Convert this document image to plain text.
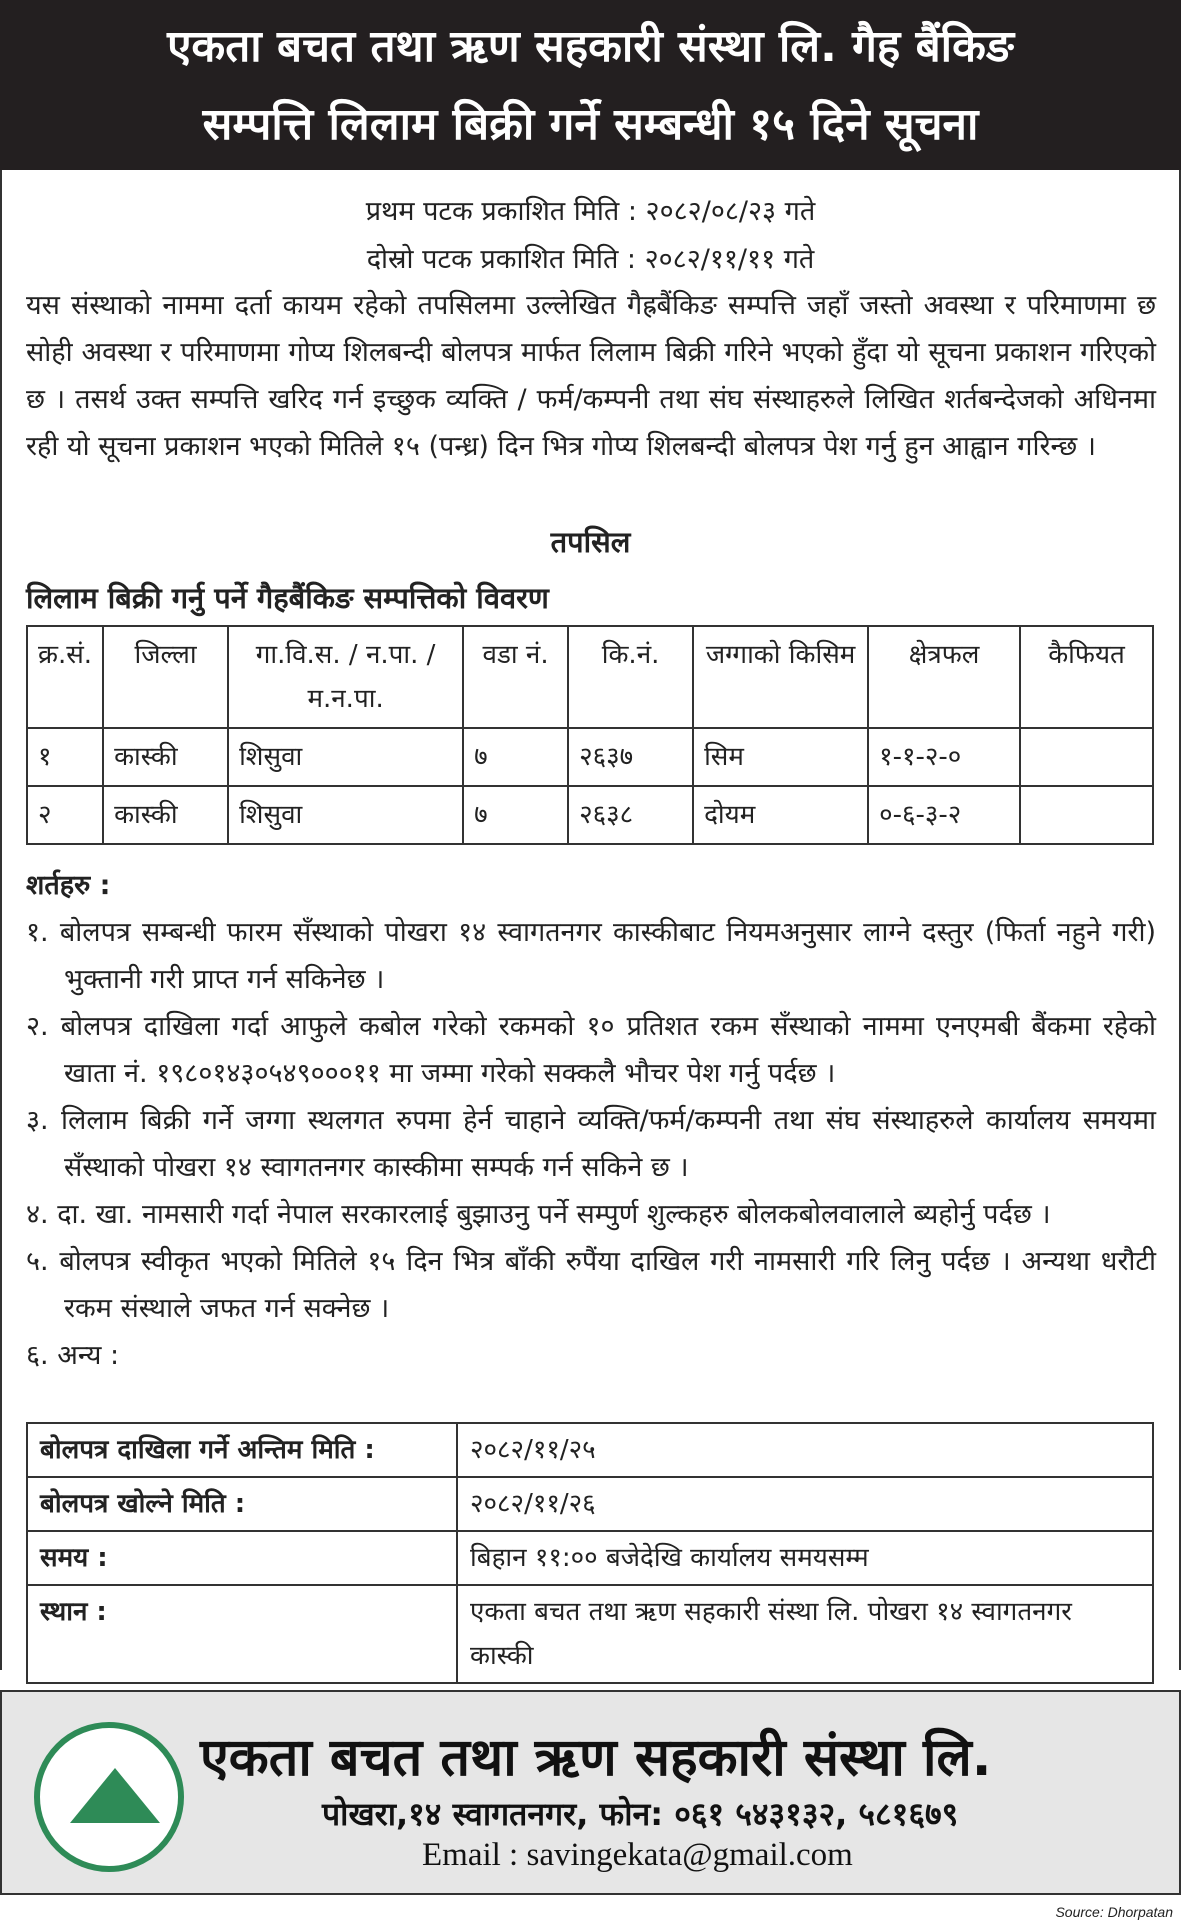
एकता बचत तथा ऋण सहकारी संस्था लि. गैह बैंकिङ
सम्पत्ति लिलाम बिक्री गर्ने सम्बन्धी १५ दिने सूचना
प्रथम पटक प्रकाशित मिति : २०८२/०८/२३ गते
दोस्रो पटक प्रकाशित मिति : २०८२/११/११ गते
यस संस्थाको नाममा दर्ता कायम रहेको तपसिलमा उल्लेखित गैह्रबैंकिङ सम्पत्ति जहाँ जस्तो अवस्था र परिमाणमा छ सोही अवस्था र परिमाणमा गोप्य शिलबन्दी बोलपत्र मार्फत लिलाम बिक्री गरिने भएको हुँदा यो सूचना प्रकाशन गरिएको छ । तसर्थ उक्त सम्पत्ति खरिद गर्न इच्छुक व्यक्ति / फर्म/कम्पनी तथा संघ संस्थाहरुले लिखित शर्तबन्देजको अधिनमा रही यो सूचना प्रकाशन भएको मितिले १५ (पन्ध्र) दिन भित्र गोप्य शिलबन्दी बोलपत्र पेश गर्नु हुन आह्वान गरिन्छ ।
तपसिल
लिलाम बिक्री गर्नु पर्ने गैहबैंकिङ सम्पत्तिको विवरण
क्र.सं.	जिल्ला	गा.वि.स. / न.पा. / म.न.पा.	वडा नं.	कि.नं.	जग्गाको किसिम	क्षेत्रफल	कैफियत
१	कास्की	शिसुवा	७	२६३७	सिम	१-१-२-०	
२	कास्की	शिसुवा	७	२६३८	दोयम	०-६-३-२	
शर्तहरु :
१. बोलपत्र सम्बन्धी फारम सँस्थाको पोखरा १४ स्वागतनगर कास्कीबाट नियमअनुसार लाग्ने दस्तुर (फिर्ता नहुने गरी) भुक्तानी गरी प्राप्त गर्न सकिनेछ ।
२. बोलपत्र दाखिला गर्दा आफुले कबोल गरेको रकमको १० प्रतिशत रकम सँस्थाको नाममा एनएमबी बैंकमा रहेको खाता नं. १९८०१४३०५४९०००११ मा जम्मा गरेको सक्कलै भौचर पेश गर्नु पर्दछ ।
३. लिलाम बिक्री गर्ने जग्गा स्थलगत रुपमा हेर्न चाहाने व्यक्ति/फर्म/कम्पनी तथा संघ संस्थाहरुले कार्यालय समयमा सँस्थाको पोखरा १४ स्वागतनगर कास्कीमा सम्पर्क गर्न सकिने छ ।
४. दा. खा. नामसारी गर्दा नेपाल सरकारलाई बुझाउनु पर्ने सम्पुर्ण शुल्कहरु बोलकबोलवालाले ब्यहोर्नु पर्दछ ।
५. बोलपत्र स्वीकृत भएको मितिले १५ दिन भित्र बाँकी रुपैंया दाखिल गरी नामसारी गरि लिनु पर्दछ । अन्यथा धरौटी रकम संस्थाले जफत गर्न सक्नेछ ।
६. अन्य :
बोलपत्र दाखिला गर्ने अन्तिम मिति :	२०८२/११/२५
बोलपत्र खोल्ने मिति :	२०८२/११/२६
समय :	बिहान ११:०० बजेदेखि कार्यालय समयसम्म
स्थान :	एकता बचत तथा ऋण सहकारी संस्था लि. पोखरा १४ स्वागतनगर कास्की
एकता बचत तथा ऋण सहकारी संस्था लि.
पोखरा,१४ स्वागतनगर, फोन: ०६१ ५४३१३२, ५८१६७९
Email : savingekata@gmail.com
Source: Dhorpatan
